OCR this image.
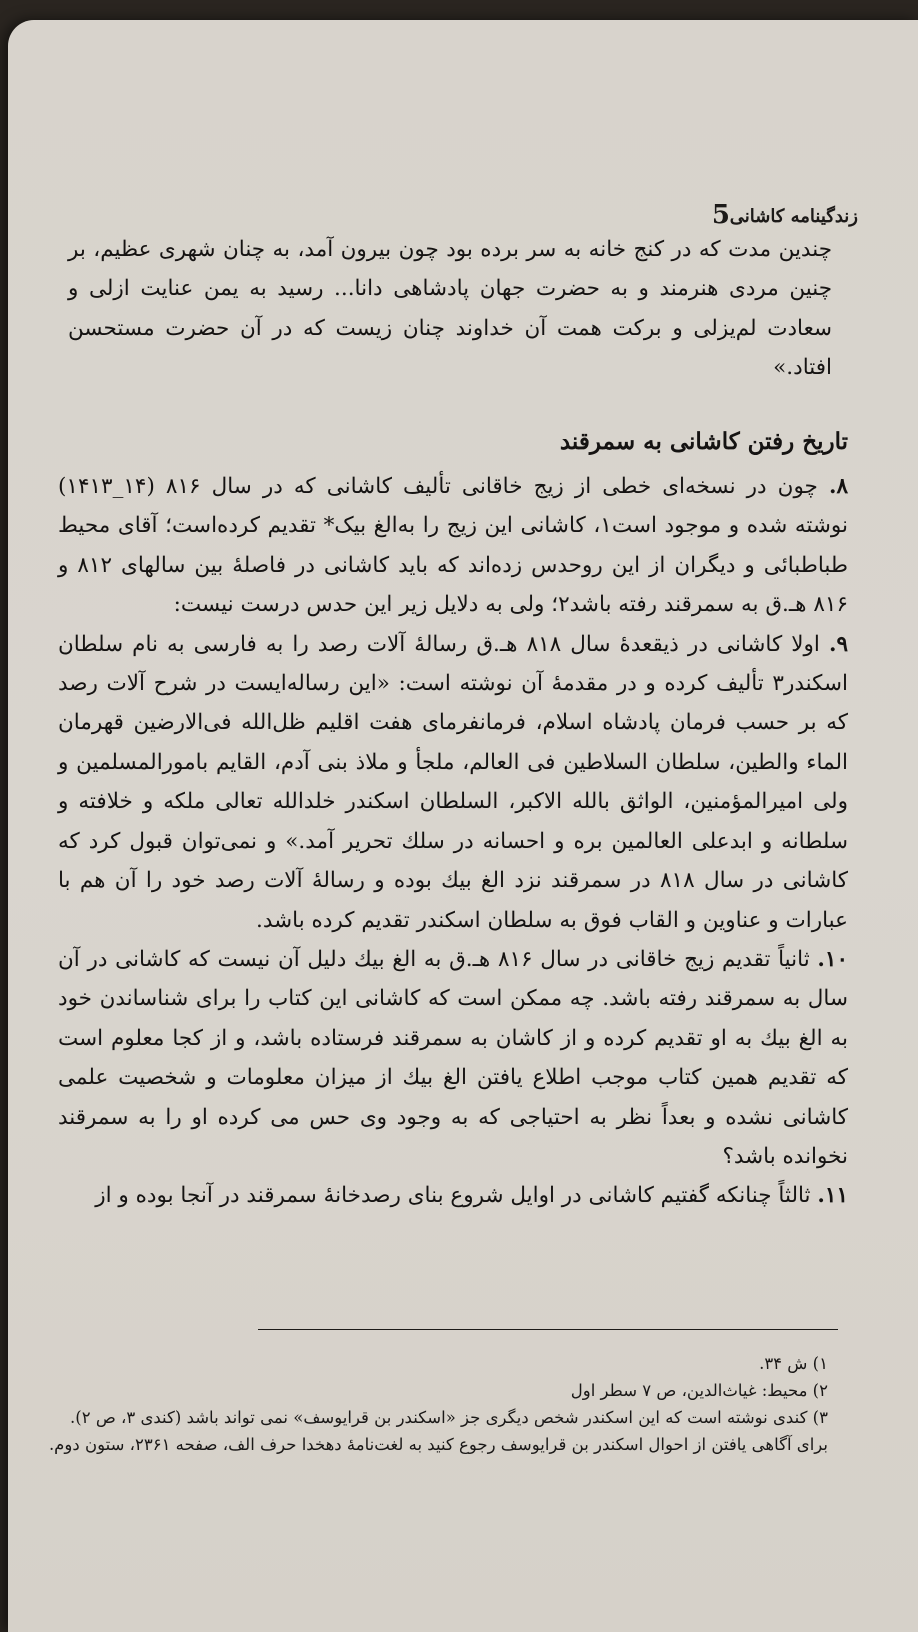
زندگینامه کاشانی
5

چندین مدت که در کنج خانه به سر برده بود چون بیرون آمد، به چنان شهری عظیم، بر چنین مردی هنرمند و به حضرت جهان پادشاهی دانا... رسید به یمن عنایت ازلی و سعادت لم‌یزلی و برکت همت آن خداوند چنان زیست که در آن حضرت مستحسن افتاد.»

تاریخ رفتن کاشانی به سمرقند

۸. چون در نسخه‌ای خطی از زیج خاقانی تألیف کاشانی که در سال ۸۱۶ (۱۴_۱۴۱۳) نوشته شده و موجود است۱، کاشانی این زیج را به‌الغ بیک* تقدیم کرده‌است؛ آقای محیط طباطبائی و دیگران از این روحدس زده‌اند که باید کاشانی در فاصلهٔ بین سالهای ۸۱۲ و ۸۱۶ هـ.ق به سمرقند رفته باشد۲؛ ولی به دلایل زیر این حدس درست نیست:

۹. اولا کاشانی در ذیقعدهٔ سال ۸۱۸ هـ.ق رسالهٔ آلات رصد را به فارسی به نام سلطان اسکندر۳ تألیف کرده و در مقدمهٔ آن نوشته است: «این رساله‌ایست در شرح آلات رصد که بر حسب فرمان پادشاه اسلام، فرمانفرمای هفت اقلیم ظل‌الله فی‌الارضین قهرمان الماء والطین، سلطان السلاطین فی العالم، ملجأ و ملاذ بنی آدم، القایم بامورالمسلمین و ولی امیرالمؤمنین، الواثق بالله الاکبر، السلطان اسکندر خلدالله تعالی ملکه و خلافته و سلطانه و ابدعلی العالمین بره و احسانه در سلك تحریر آمد.» و نمی‌توان قبول کرد که کاشانی در سال ۸۱۸ در سمرقند نزد الغ بیك بوده و رسالهٔ آلات رصد خود را آن هم با عبارات و عناوین و القاب فوق به سلطان اسکندر تقدیم کرده باشد.

۱۰. ثانیاً تقدیم زیج خاقانی در سال ۸۱۶ هـ.ق به الغ بیك دلیل آن نیست که کاشانی در آن سال به سمرقند رفته باشد. چه ممکن است که کاشانی این کتاب را برای شناساندن خود به الغ بیك به او تقدیم کرده و از کاشان به سمرقند فرستاده باشد، و از کجا معلوم است که تقدیم همین کتاب موجب اطلاع یافتن الغ بیك از میزان معلومات و شخصیت علمی کاشانی نشده و بعداً نظر به احتیاجی که به وجود وی حس می کرده او را به سمرقند نخوانده باشد؟

۱۱. ثالثاً چنانکه گفتیم کاشانی در اوایل شروع بنای رصدخانهٔ سمرقند در آنجا بوده و از

۱) ش ۳۴.

۲) محیط: غیاث‌الدین، ص ۷ سطر اول

۳) کندی نوشته است که این اسکندر شخص دیگری جز «اسکندر بن قرایوسف» نمی تواند باشد (کندی ۳، ص ۲).

برای آگاهی یافتن از احوال اسکندر بن قرایوسف رجوع کنید به لغت‌نامهٔ دهخدا حرف الف، صفحه ۲۳۶۱، ستون دوم.
